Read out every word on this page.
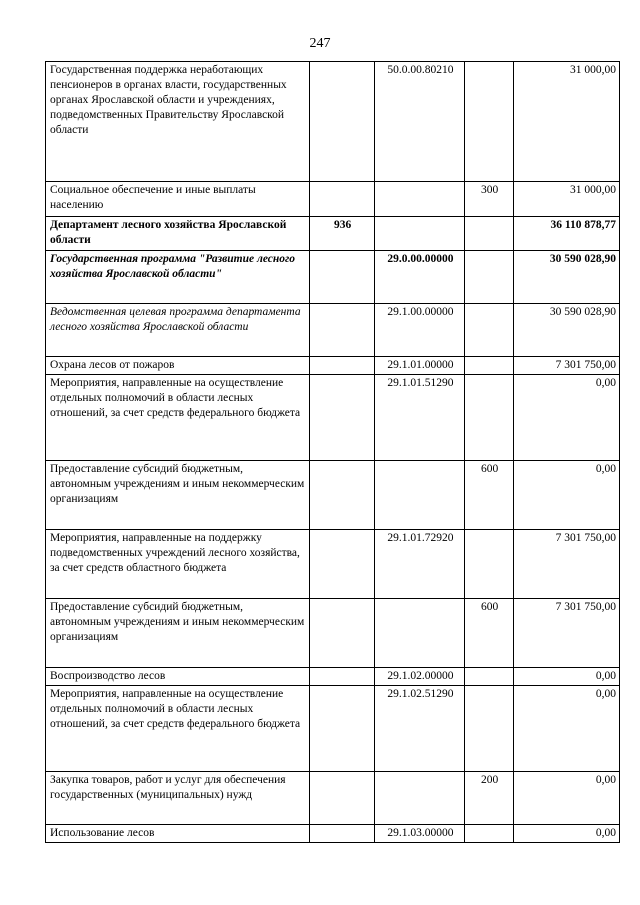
247
Государственная поддержка неработающих пенсионеров в органах власти, государственных органах Ярославской области и учреждениях, подведомственных Правительству Ярославской области		50.0.00.80210		31 000,00
Социальное обеспечение и иные выплаты населению			300	31 000,00
Департамент лесного хозяйства Ярославской области	936			36 110 878,77
Государственная программа "Развитие лесного хозяйства Ярославской области"		29.0.00.00000		30 590 028,90
Ведомственная целевая программа департамента лесного хозяйства Ярославской области		29.1.00.00000		30 590 028,90
Охрана лесов от пожаров		29.1.01.00000		7 301 750,00
Мероприятия, направленные на осуществление отдельных полномочий в области лесных отношений, за счет средств федерального бюджета		29.1.01.51290		0,00
Предоставление субсидий бюджетным, автономным учреждениям и иным некоммерческим организациям			600	0,00
Мероприятия, направленные на поддержку подведомственных учреждений лесного хозяйства, за счет средств областного бюджета		29.1.01.72920		7 301 750,00
Предоставление субсидий бюджетным, автономным учреждениям и иным некоммерческим организациям			600	7 301 750,00
Воспроизводство лесов		29.1.02.00000		0,00
Мероприятия, направленные на осуществление отдельных полномочий в области лесных отношений, за счет средств федерального бюджета		29.1.02.51290		0,00
Закупка товаров, работ и услуг для обеспечения государственных (муниципальных) нужд			200	0,00
Использование лесов		29.1.03.00000		0,00
